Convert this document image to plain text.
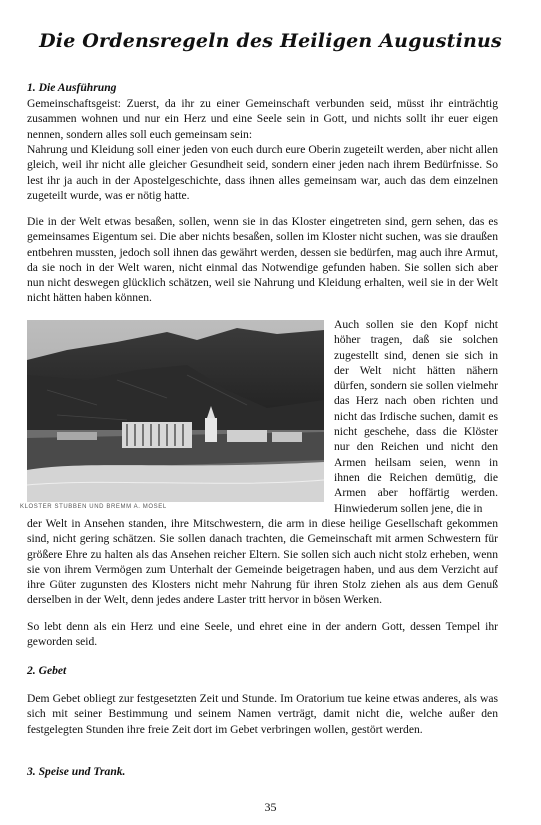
Die Ordensregeln des Heiligen Augustinus
1. Die Ausführung

Gemeinschaftsgeist: Zuerst, da ihr zu einer Gemeinschaft verbunden seid, müsst ihr einträchtig zusammen wohnen und nur ein Herz und eine Seele sein in Gott, und nichts sollt ihr euer eigen nennen, sondern alles soll euch gemeinsam sein:

Nahrung und Kleidung soll einer jeden von euch durch eure Oberin zugeteilt werden, aber nicht allen gleich, weil ihr nicht alle gleicher Gesundheit seid, sondern einer jeden nach ihrem Bedürfnisse. So lest ihr ja auch in der Apostelgeschichte, dass ihnen alles gemeinsam war, auch das dem einzelnen zugeteilt wurde, was er nötig hatte.

Die in der Welt etwas besaßen, sollen, wenn sie in das Kloster eingetreten sind, gern sehen, das es gemeinsames Eigentum sei. Die aber nichts besaßen, sollen im Kloster nicht suchen, was sie draußen entbehren mussten, jedoch soll ihnen das gewährt werden, dessen sie bedürfen, mag auch ihre Armut, da sie noch in der Welt waren, nicht einmal das Notwendige gefunden haben. Sie sollen sich aber nun nicht deswegen glücklich schätzen, weil sie Nahrung und Kleidung erhalten, weil sie in der Welt nicht hätten haben können.

KLOSTER STUBBEN UND BREMM A. MOSEL

Auch sollen sie den Kopf nicht höher tragen, daß sie solchen zugestellt sind, denen sie sich in der Welt nicht hätten nähern dürfen, sondern sie sollen vielmehr das Herz nach oben richten und nicht das Irdische suchen, damit es nicht geschehe, dass die Klöster nur den Reichen und nicht den Armen heilsam seien, wenn in ihnen die Reichen demütig, die Armen aber hoffärtig werden. Hinwiederum sollen jene, die in

der Welt in Ansehen standen, ihre Mitschwestern, die arm in diese heilige Gesellschaft gekommen sind, nicht gering schätzen. Sie sollen danach trachten, die Gemeinschaft mit armen Schwestern für größere Ehre zu halten als das Ansehen reicher Eltern. Sie sollen sich auch nicht stolz erheben, wenn sie von ihrem Vermögen zum Unterhalt der Gemeinde beigetragen haben, und aus dem Verzicht auf ihre Güter zugunsten des Klosters nicht mehr Nahrung für ihren Stolz ziehen als aus dem Genuß derselben in der Welt, denn jedes andere Laster tritt hervor in bösen Werken.

So lebt denn als ein Herz und eine Seele, und ehret eine in der andern Gott, dessen Tempel ihr geworden seid.

2. Gebet

Dem Gebet obliegt zur festgesetzten Zeit und Stunde. Im Oratorium tue keine etwas anderes, als was sich mit seiner Bestimmung und seinem Namen verträgt, damit nicht die, welche außer den festgelegten Stunden ihre freie Zeit dort im Gebet verbringen wollen, gestört werden.

3. Speise und Trank.
35
